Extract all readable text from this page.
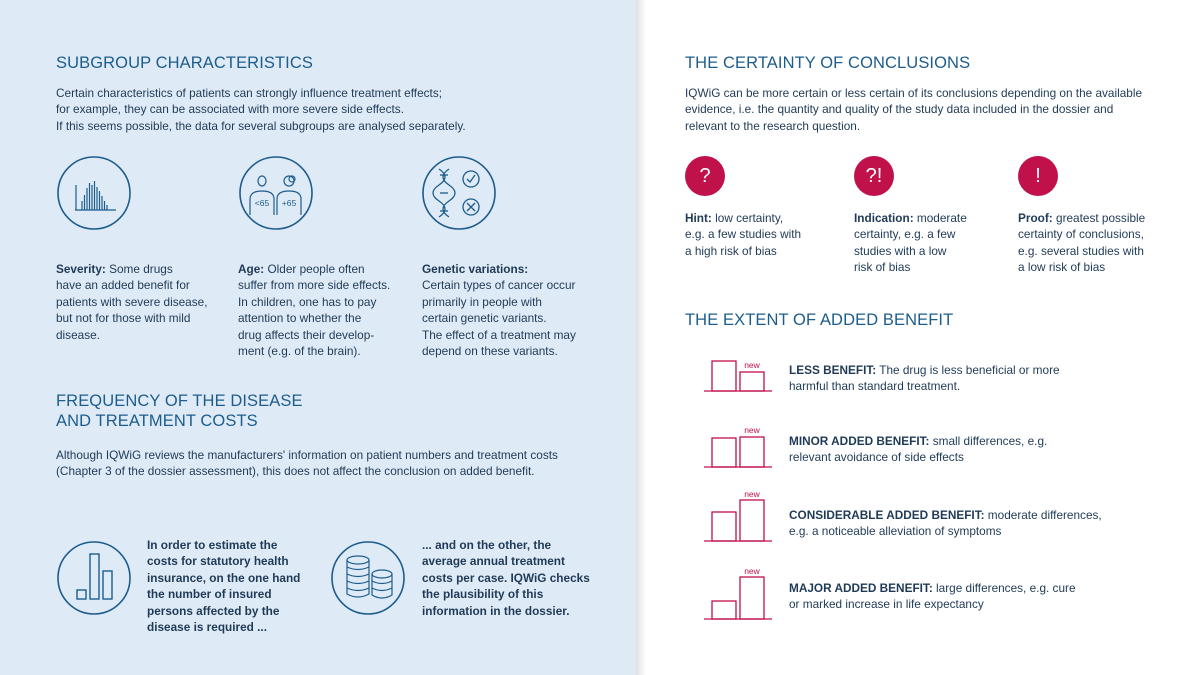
SUBGROUP CHARACTERISTICS
Certain characteristics of patients can strongly influence treatment effects;
for example, they can be associated with more severe side effects.
If this seems possible, the data for several subgroups are analysed separately.
<65 +65
Severity: Some drugs
have an added benefit for
patients with severe disease,
but not for those with mild
disease.
Age: Older people often
suffer from more side effects.
In children, one has to pay
attention to whether the
drug affects their develop-
ment (e.g. of the brain).
Genetic variations:
Certain types of cancer occur
primarily in people with
certain genetic variants.
The effect of a treatment may
depend on these variants.
FREQUENCY OF THE DISEASE
AND TREATMENT COSTS
Although IQWiG reviews the manufacturers' information on patient numbers and treatment costs
(Chapter 3 of the dossier assessment), this does not affect the conclusion on added benefit.
In order to estimate the
costs for statutory health
insurance, on the one hand
the number of insured
persons affected by the
disease is required ...
... and on the other, the
average annual treatment
costs per case. IQWiG checks
the plausibility of this
information in the dossier.
THE CERTAINTY OF CONCLUSIONS
IQWiG can be more certain or less certain of its conclusions depending on the available
evidence, i.e. the quantity and quality of the study data included in the dossier and
relevant to the research question.
?	?!	!
Hint: low certainty,
e.g. a few studies with
a high risk of bias
Indication: moderate
certainty, e.g. a few
studies with a low
risk of bias
Proof: greatest possible
certainty of conclusions,
e.g. several studies with
a low risk of bias
THE EXTENT OF ADDED BENEFIT
new
new
new
new
LESS BENEFIT: The drug is less beneficial or more
harmful than standard treatment.
MINOR ADDED BENEFIT: small differences, e.g.
relevant avoidance of side effects
CONSIDERABLE ADDED BENEFIT: moderate differences,
e.g. a noticeable alleviation of symptoms
MAJOR ADDED BENEFIT: large differences, e.g. cure
or marked increase in life expectancy
